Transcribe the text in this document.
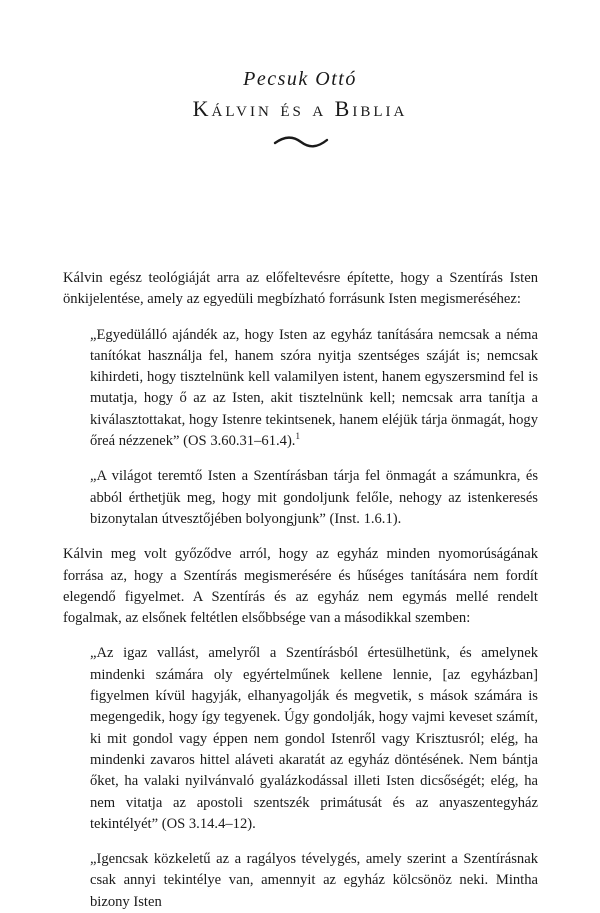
Pecsuk Ottó
Kálvin és a Biblia

Kálvin egész teológiáját arra az előfeltevésre építette, hogy a Szentírás Isten önkijelentése, amely az egyedüli megbízható forrásunk Isten megismeréséhez:

„Egyedülálló ajándék az, hogy Isten az egyház tanítására nemcsak a néma tanítókat használja fel, hanem szóra nyitja szentséges száját is; nemcsak kihirdeti, hogy tisztelnünk kell valamilyen istent, hanem egyszersmind fel is mutatja, hogy ő az az Isten, akit tisztelnünk kell; nemcsak arra tanítja a kiválasztottakat, hogy Istenre tekintsenek, hanem eléjük tárja önmagát, hogy őreá nézzenek” (OS 3.60.31–61.4).$^1$

„A világot teremtő Isten a Szentírásban tárja fel önmagát a számunkra, és abból érthetjük meg, hogy mit gondoljunk felőle, nehogy az istenkeresés bizonytalan útvesztőjében bolyongjunk” (Inst. 1.6.1).

Kálvin meg volt győződve arról, hogy az egyház minden nyomorúságának forrása az, hogy a Szentírás megismerésére és hűséges tanítására nem fordít elegendő figyelmet. A Szentírás és az egyház nem egymás mellé rendelt fogalmak, az elsőnek feltétlen elsőbbsége van a másodikkal szemben:

„Az igaz vallást, amelyről a Szentírásból értesülhetünk, és amelynek mindenki számára oly egyértelműnek kellene lennie, [az egyházban] figyelmen kívül hagyják, elhanyagolják és megvetik, s mások számára is megengedik, hogy így tegyenek. Úgy gondolják, hogy vajmi keveset számít, ki mit gondol vagy éppen nem gondol Istenről vagy Krisztusról; elég, ha mindenki zavaros hittel aláveti akaratát az egyház döntésének. Nem bántja őket, ha valaki nyilvánvaló gyalázkodással illeti Isten dicsőségét; elég, ha nem vitatja az apostoli szentszék primátusát és az anyaszentegyház tekintélyét” (OS 3.14.4–12).

„Igencsak közkeletű az a ragályos tévelygés, amely szerint a Szentírásnak csak annyi tekintélye van, amennyit az egyház kölcsönöz neki. Mintha bizony Isten
